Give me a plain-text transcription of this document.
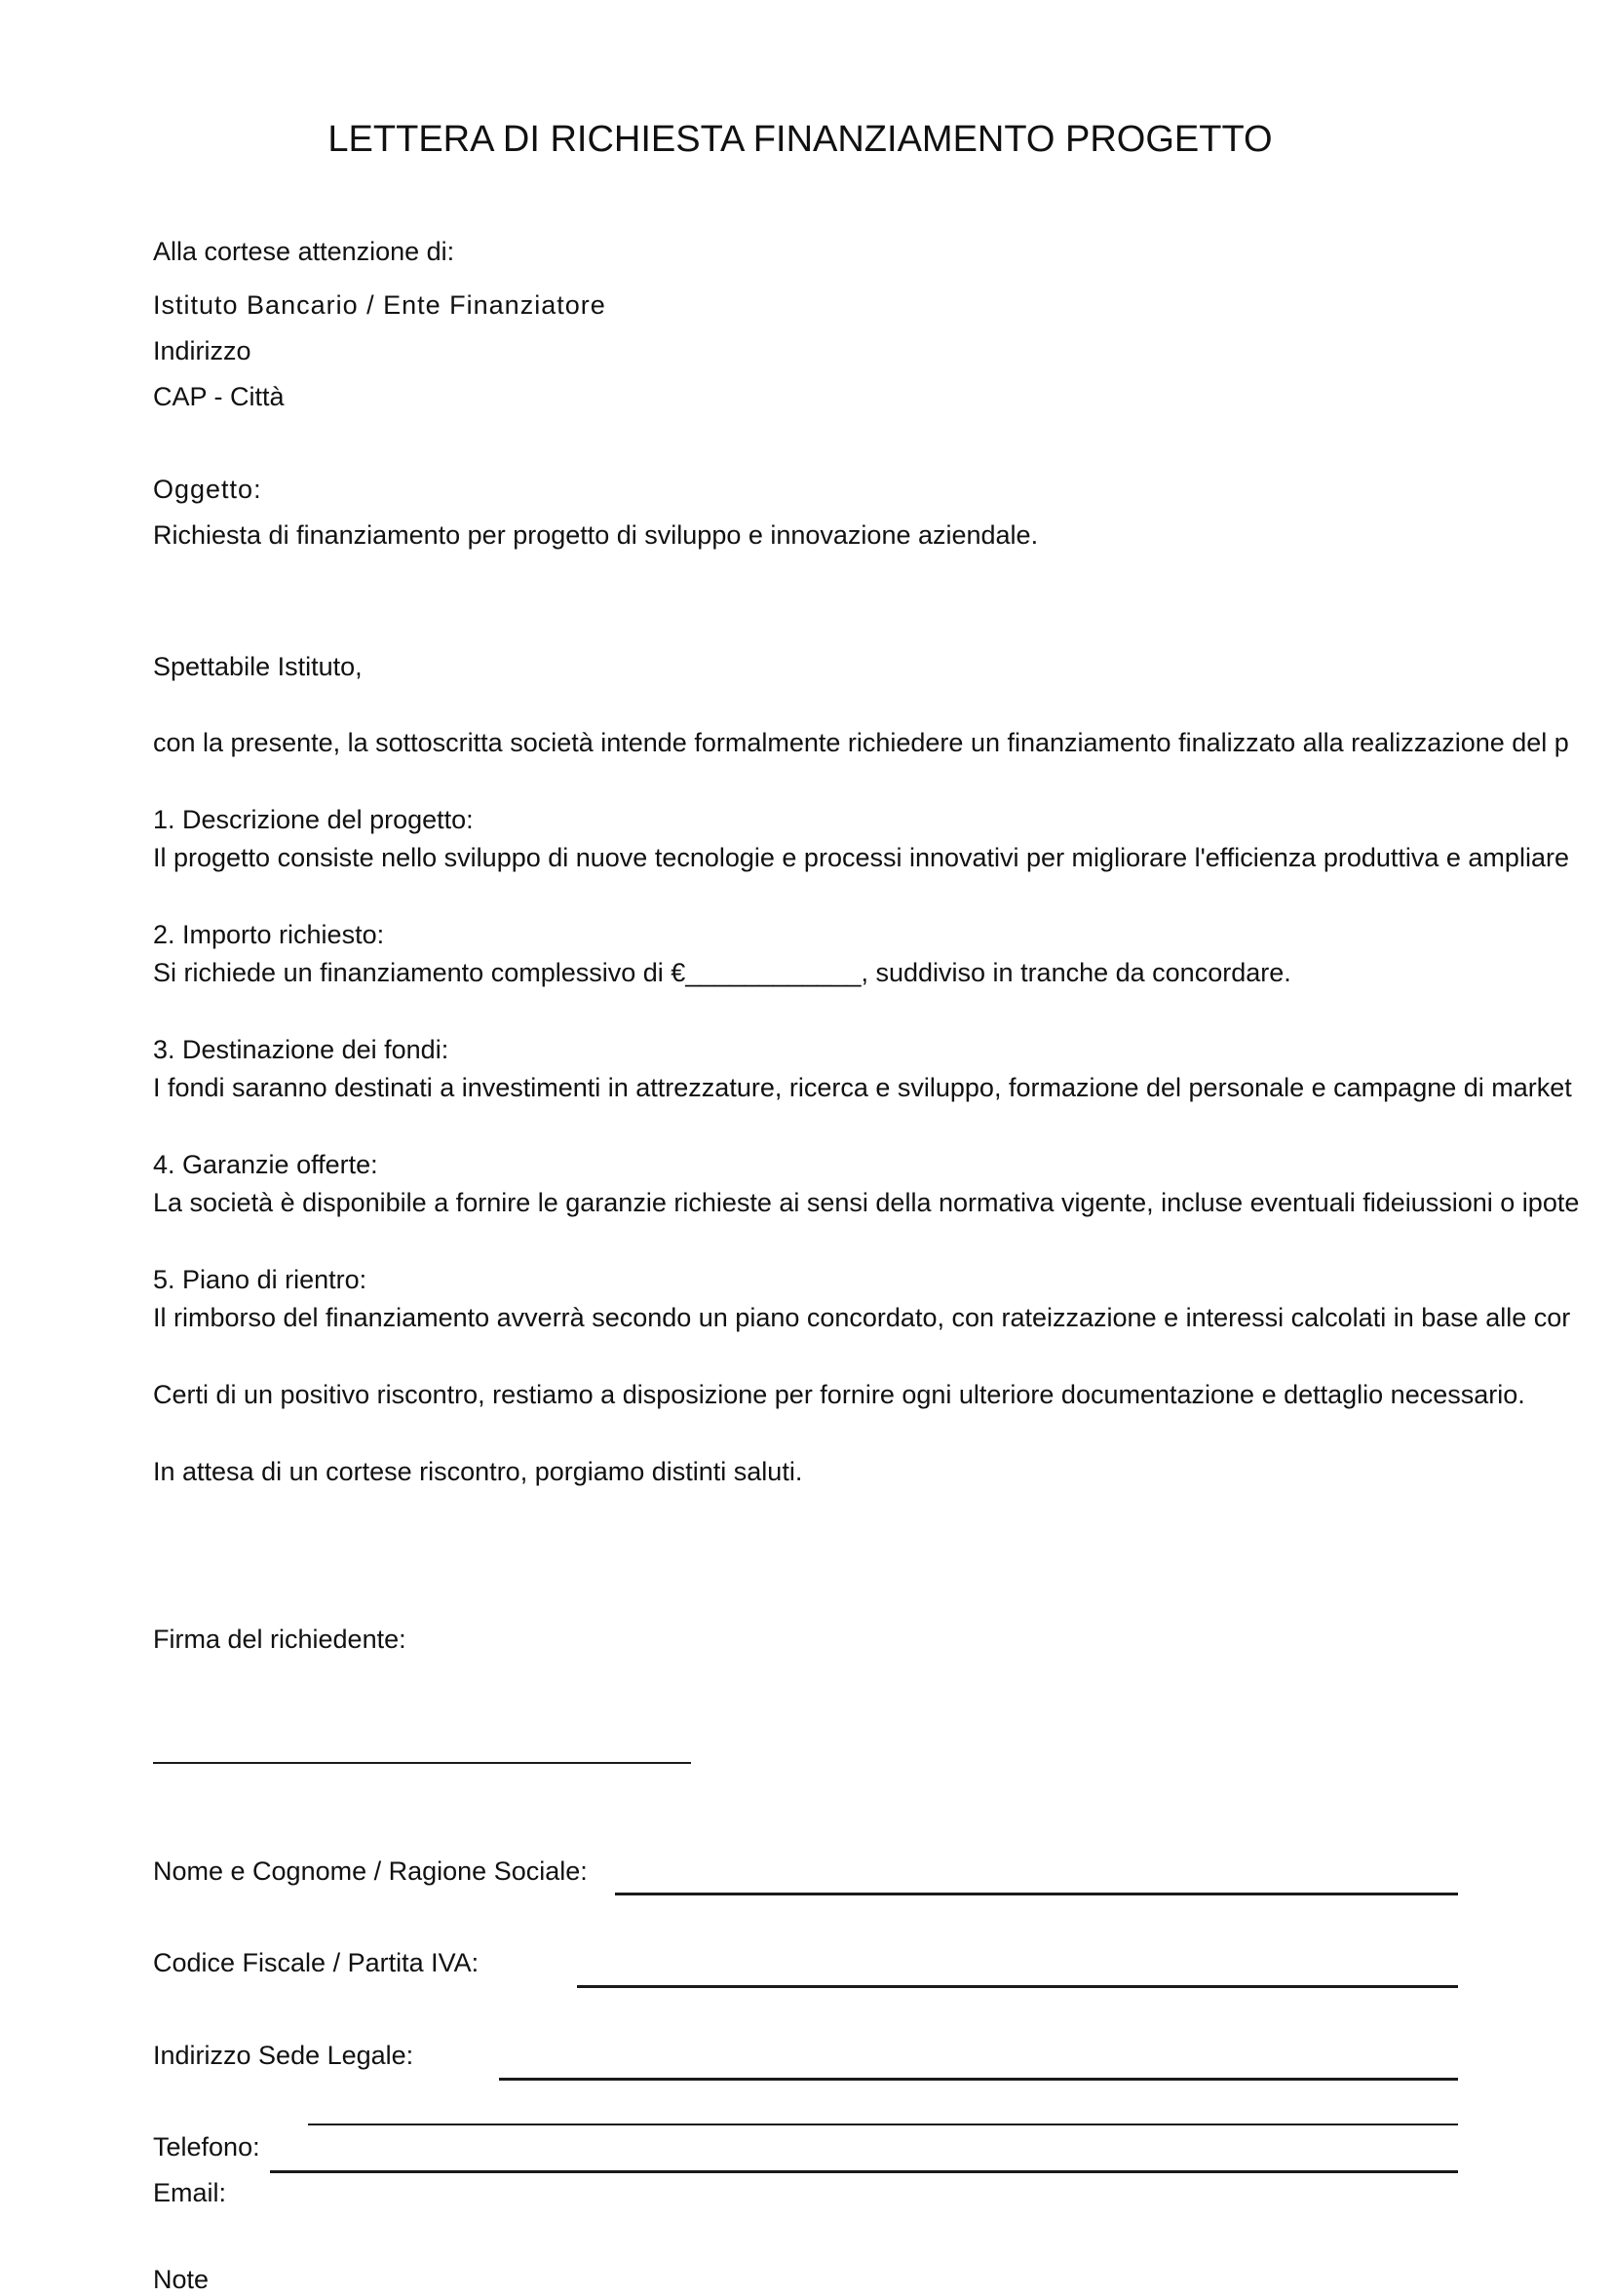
LETTERA DI RICHIESTA FINANZIAMENTO PROGETTO
Alla cortese attenzione di:
Istituto Bancario / Ente Finanziatore
Indirizzo
CAP - Città
Oggetto:
Richiesta di finanziamento per progetto di sviluppo e innovazione aziendale.
Spettabile Istituto,
con la presente, la sottoscritta società intende formalmente richiedere un finanziamento finalizzato alla realizzazione del p
1. Descrizione del progetto:
Il progetto consiste nello sviluppo di nuove tecnologie e processi innovativi per migliorare l'efficienza produttiva e ampliare
2. Importo richiesto:
Si richiede un finanziamento complessivo di €____________, suddiviso in tranche da concordare.
3. Destinazione dei fondi:
I fondi saranno destinati a investimenti in attrezzature, ricerca e sviluppo, formazione del personale e campagne di market
4. Garanzie offerte:
La società è disponibile a fornire le garanzie richieste ai sensi della normativa vigente, incluse eventuali fideiussioni o ipote
5. Piano di rientro:
Il rimborso del finanziamento avverrà secondo un piano concordato, con rateizzazione e interessi calcolati in base alle cor
Certi di un positivo riscontro, restiamo a disposizione per fornire ogni ulteriore documentazione e dettaglio necessario.
In attesa di un cortese riscontro, porgiamo distinti saluti.
Firma del richiedente:
Nome e Cognome / Ragione Sociale:
Codice Fiscale / Partita IVA:
Indirizzo Sede Legale:
Telefono:
Email:
Note
